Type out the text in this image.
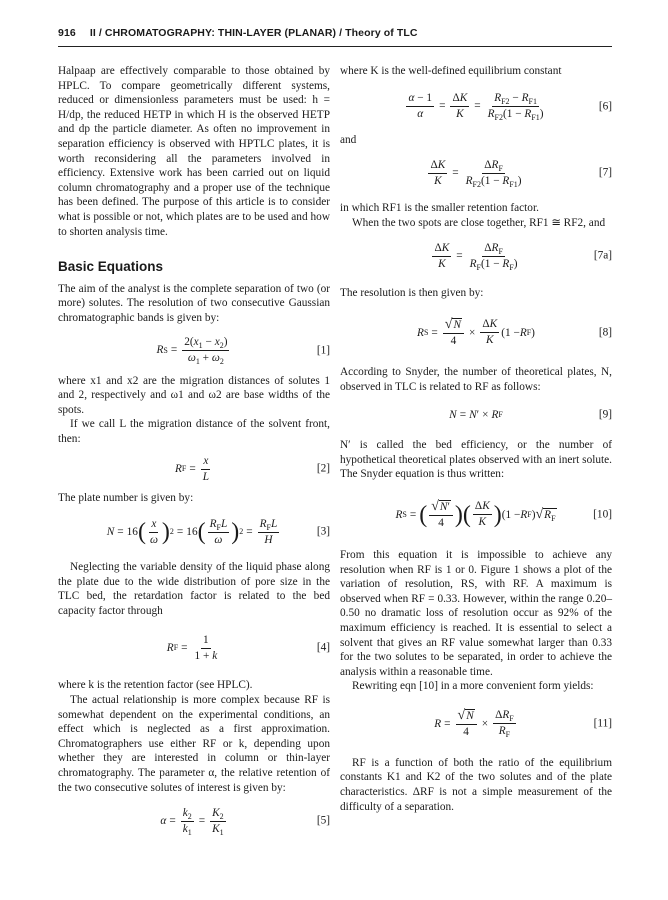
916 II / CHROMATOGRAPHY: THIN-LAYER (PLANAR) / Theory of TLC

Halpaap are effectively comparable to those obtained by HPLC. To compare geometrically different systems, reduced or dimensionless parameters must be used: h = H/dp, the reduced HETP in which H is the observed HETP and dp the particle diameter. As often no improvement in separation efficiency is observed with HPTLC plates, it is worth reconsidering all the parameters involved in efficiency. Extensive work has been carried out on liquid column chromatography and a proper use of the technique has been defined. The purpose of this article is to consider what is possible or not, which plates are to be used and how to shorten analysis time.

Basic Equations

The aim of the analyst is the complete separation of two (or more) solutes. The resolution of two consecutive Gaussian chromatographic bands is given by:

R $S = \frac{2(x_1 - x_2)}{\omega_1 + \omega_2}$	[1]

where x1 and x2 are the migration distances of solutes 1 and 2, respectively and ω1 and ω2 are base widths of the spots.

If we call L the migration distance of the solvent front, then:

R $F = \frac{x}{L}$	[2]

The plate number is given by:

N = 16 ( $\frac{x}{\omega}$ ) 2 = 16 ( $\frac{R_FL}{\omega}$ ) $2 = \frac{R_FL}{H}$	[3]

Neglecting the variable density of the liquid phase along the plate due to the wide distribution of pore size in the TLC bed, the retardation factor is related to the bed capacity factor through

R $F = \frac{1}{1 + k}$	[4]

where k is the retention factor (see HPLC).

The actual relationship is more complex because RF is somewhat dependent on the experimental conditions, an effect which is neglected as a first approximation. Chromatographers use either RF or k, depending upon whether they are interested in column or thin-layer chromatography. The parameter α, the relative retention of the two consecutive solutes of interest is given by:

$\alpha = \frac{k_2}{k_1} = \frac{K_2}{K_1}$	[5]

where K is the well-defined equilibrium constant

$\frac{\alpha - 1}{\alpha} = \frac{\Delta K}{K} = \frac{R_{F2} - R_{F1}}{R_{F2}(1 - R_{F1})}$	[6]

and

$\frac{\Delta K}{K} = \frac{\Delta R_F}{R_{F2}(1 - R_{F1})}$	[7]

in which RF1 is the smaller retention factor.

When the two spots are close together, RF1 ≅ RF2, and

$\frac{\Delta K}{K} = \frac{\Delta R_F}{R_F(1 - R_F)}$	[7a]

The resolution is then given by:

R $S = \frac{√ N}{4} \times \frac{\Delta K}{K} (1 - R$ F )	[8]

According to Snyder, the number of theoretical plates, N, observed in TLC is related to RF as follows:

N = N ′ × R F	[9]

N′ is called the bed efficiency, or the number of hypothetical theoretical plates observed with an inert solute. The Snyder equation is thus written:

R S = ( $\frac{√ N'}{4}$ ) ( $\frac{\Delta K}{K}$ ) (1 − R F ) √ $R_F$	[10]

From this equation it is impossible to achieve any resolution when RF is 1 or 0. Figure 1 shows a plot of the variation of resolution, RS, with RF. A maximum is observed when RF = 0.33. However, within the range 0.20–0.50 no dramatic loss of resolution occur as 92% of the maximum efficiency is reached. It is essential to select a solvent that gives an RF value somewhat larger than 0.33 for the two solutes to be separated, in order to achieve the analysis within a reasonable time.

Rewriting eqn [10] in a more convenient form yields:

$R = \frac{√ N}{4} \times \frac{\Delta R_F}{R_F}$	[11]

RF is a function of both the ratio of the equilibrium constants K1 and K2 of the two solutes and of the plate characteristics. ΔRF is not a simple measurement of the difficulty of a separation.
